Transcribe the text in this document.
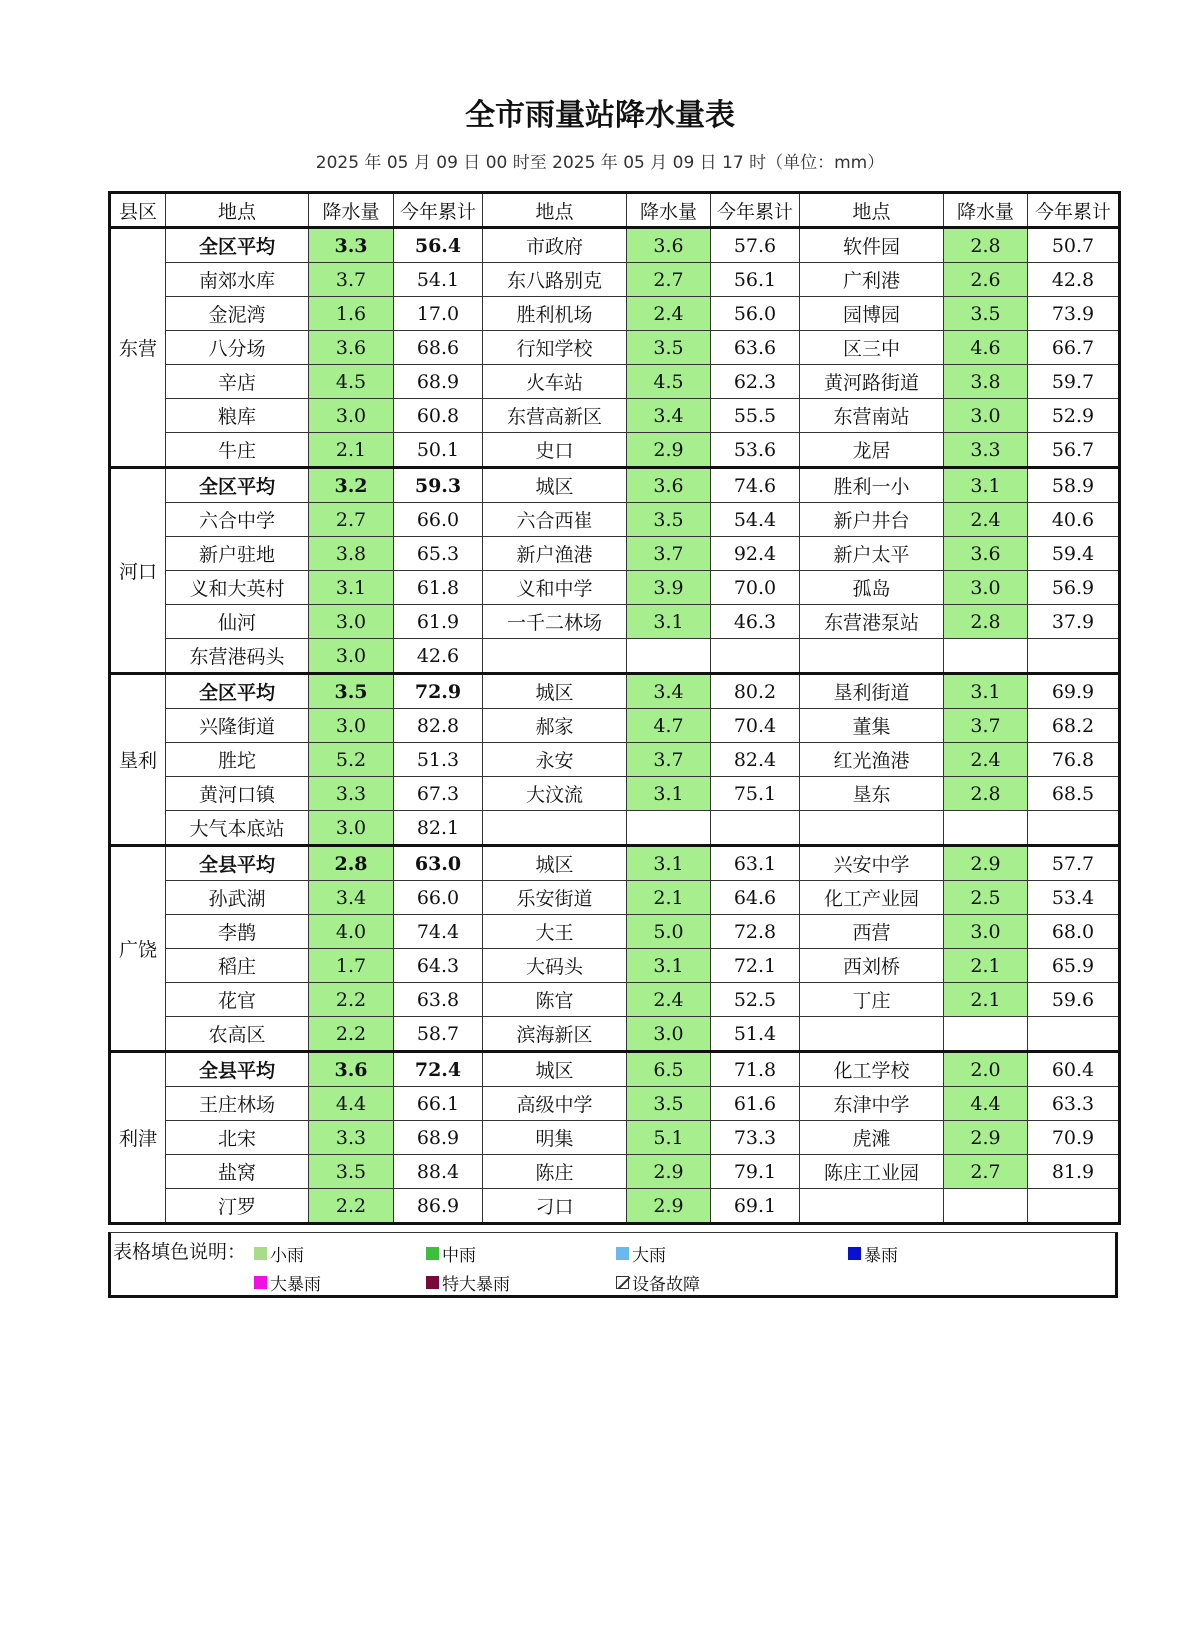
全市雨量站降水量表
2025 年 05 月 09 日 00 时至 2025 年 05 月 09 日 17 时（单位：mm）
县区	地点	降水量	今年累计	地点	降水量	今年累计	地点	降水量	今年累计
东营	全区平均	3.3	56.4	市政府	3.6	57.6	软件园	2.8	50.7
	南郊水库	3.7	54.1	东八路别克	2.7	56.1	广利港	2.6	42.8
	金泥湾	1.6	17.0	胜利机场	2.4	56.0	园博园	3.5	73.9
	八分场	3.6	68.6	行知学校	3.5	63.6	区三中	4.6	66.7
	辛店	4.5	68.9	火车站	4.5	62.3	黄河路街道	3.8	59.7
	粮库	3.0	60.8	东营高新区	3.4	55.5	东营南站	3.0	52.9
	牛庄	2.1	50.1	史口	2.9	53.6	龙居	3.3	56.7
河口	全区平均	3.2	59.3	城区	3.6	74.6	胜利一小	3.1	58.9
	六合中学	2.7	66.0	六合西崔	3.5	54.4	新户井台	2.4	40.6
	新户驻地	3.8	65.3	新户渔港	3.7	92.4	新户太平	3.6	59.4
	义和大英村	3.1	61.8	义和中学	3.9	70.0	孤岛	3.0	56.9
	仙河	3.0	61.9	一千二林场	3.1	46.3	东营港泵站	2.8	37.9
	东营港码头	3.0	42.6						
垦利	全区平均	3.5	72.9	城区	3.4	80.2	垦利街道	3.1	69.9
	兴隆街道	3.0	82.8	郝家	4.7	70.4	董集	3.7	68.2
	胜坨	5.2	51.3	永安	3.7	82.4	红光渔港	2.4	76.8
	黄河口镇	3.3	67.3	大汶流	3.1	75.1	垦东	2.8	68.5
	大气本底站	3.0	82.1						
广饶	全县平均	2.8	63.0	城区	3.1	63.1	兴安中学	2.9	57.7
	孙武湖	3.4	66.0	乐安街道	2.1	64.6	化工产业园	2.5	53.4
	李鹊	4.0	74.4	大王	5.0	72.8	西营	3.0	68.0
	稻庄	1.7	64.3	大码头	3.1	72.1	西刘桥	2.1	65.9
	花官	2.2	63.8	陈官	2.4	52.5	丁庄	2.1	59.6
	农高区	2.2	58.7	滨海新区	3.0	51.4			
利津	全县平均	3.6	72.4	城区	6.5	71.8	化工学校	2.0	60.4
	王庄林场	4.4	66.1	高级中学	3.5	61.6	东津中学	4.4	63.3
	北宋	3.3	68.9	明集	5.1	73.3	虎滩	2.9	70.9
	盐窝	3.5	88.4	陈庄	2.9	79.1	陈庄工业园	2.7	81.9
	汀罗	2.2	86.9	刁口	2.9	69.1			
表格填色说明： 小雨	中雨	大雨	暴雨
大暴雨	特大暴雨	设备故障
